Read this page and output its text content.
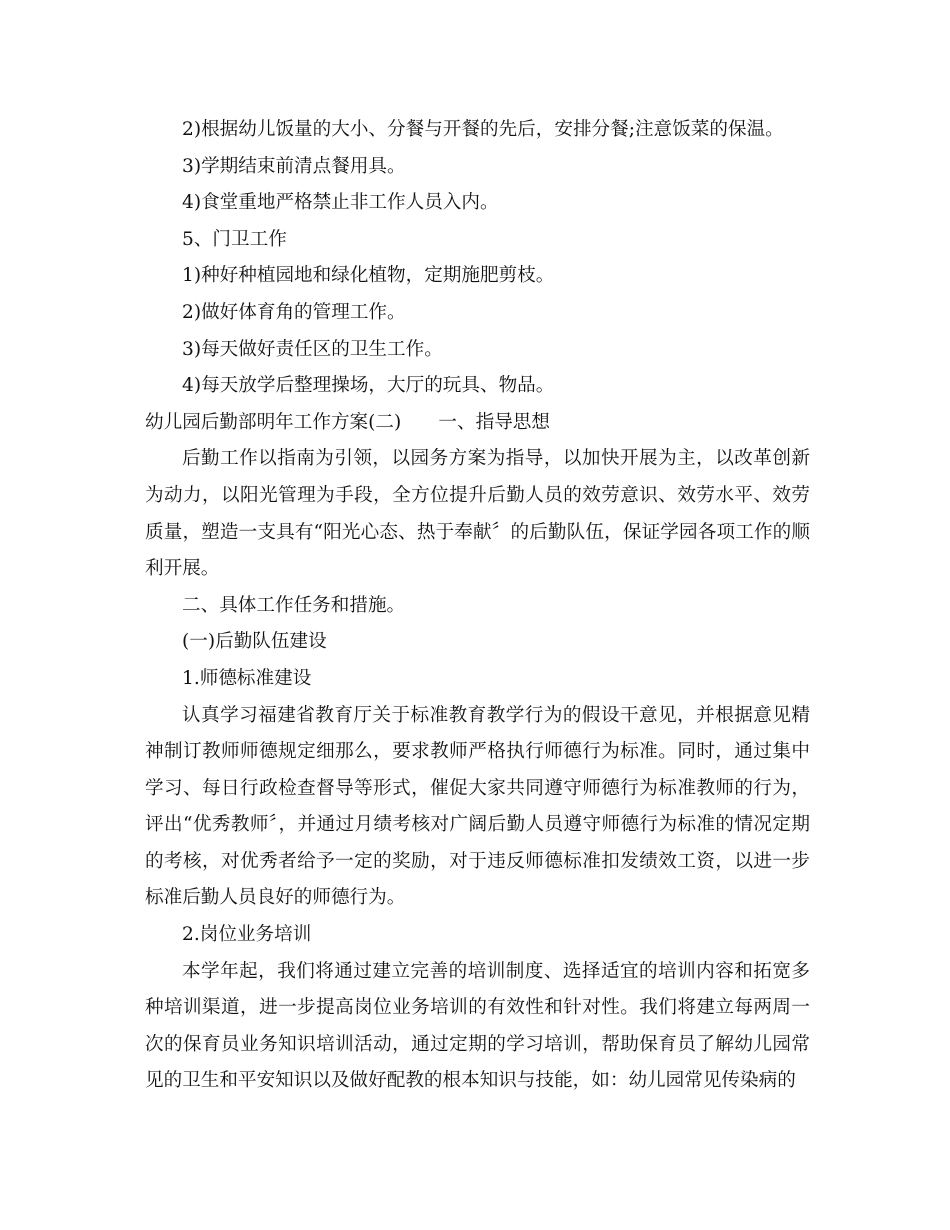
2)根据幼儿饭量的大小、分餐与开餐的先后，安排分餐;注意饭菜的保温。

3)学期结束前清点餐用具。

4)食堂重地严格禁止非工作人员入内。

5、门卫工作

1)种好种植园地和绿化植物，定期施肥剪枝。

2)做好体育角的管理工作。

3)每天做好责任区的卫生工作。

4)每天放学后整理操场，大厅的玩具、物品。

幼儿园后勤部明年工作方案(二)　　一、指导思想

后勤工作以指南为引领，以园务方案为指导，以加快开展为主，以改革创新为动力，以阳光管理为手段，全方位提升后勤人员的效劳意识、效劳水平、效劳质量，塑造一支具有“阳光心态、热于奉献〞的后勤队伍，保证学园各项工作的顺利开展。

二、具体工作任务和措施。

(一)后勤队伍建设

1.师德标准建设

认真学习福建省教育厅关于标准教育教学行为的假设干意见，并根据意见精神制订教师师德规定细那么，要求教师严格执行师德行为标准。同时，通过集中学习、每日行政检查督导等形式，催促大家共同遵守师德行为标准教师的行为，评出“优秀教师〞，并通过月绩考核对广阔后勤人员遵守师德行为标准的情况定期的考核，对优秀者给予一定的奖励，对于违反师德标准扣发绩效工资，以进一步标准后勤人员良好的师德行为。

2.岗位业务培训

本学年起，我们将通过建立完善的培训制度、选择适宜的培训内容和拓宽多种培训渠道，进一步提高岗位业务培训的有效性和针对性。我们将建立每两周一次的保育员业务知识培训活动，通过定期的学习培训，帮助保育员了解幼儿园常见的卫生和平安知识以及做好配教的根本知识与技能，如：幼儿园常见传染病的
